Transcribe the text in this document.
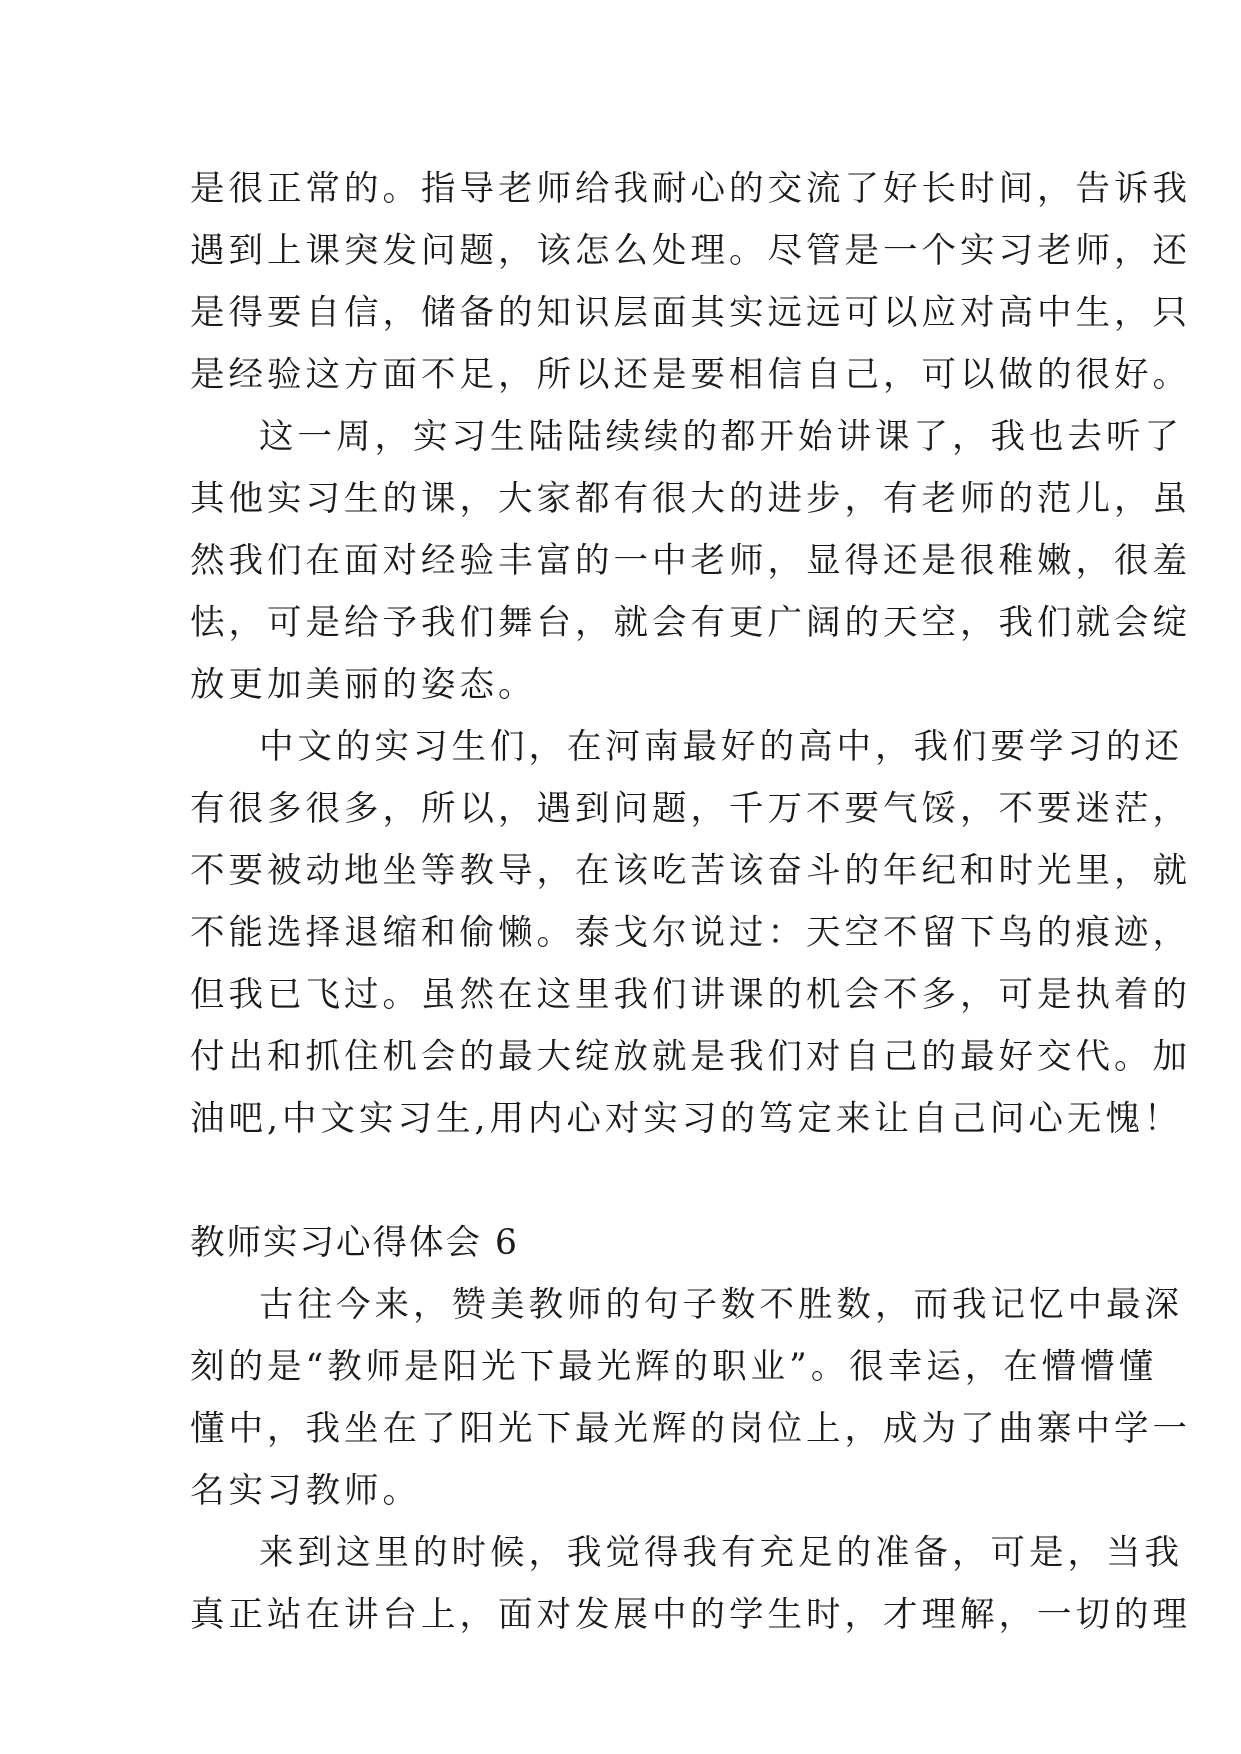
是很正常的。指导老师给我耐心的交流了好长时间，告诉我
遇到上课突发问题，该怎么处理。尽管是一个实习老师，还
是得要自信，储备的知识层面其实远远可以应对高中生，只
是经验这方面不足，所以还是要相信自己，可以做的很好。
这一周，实习生陆陆续续的都开始讲课了，我也去听了
其他实习生的课，大家都有很大的进步，有老师的范儿，虽
然我们在面对经验丰富的一中老师，显得还是很稚嫩，很羞
怯，可是给予我们舞台，就会有更广阔的天空，我们就会绽
放更加美丽的姿态。
中文的实习生们，在河南最好的高中，我们要学习的还
有很多很多，所以，遇到问题，千万不要气馁，不要迷茫，
不要被动地坐等教导，在该吃苦该奋斗的年纪和时光里，就
不能选择退缩和偷懒。泰戈尔说过：天空不留下鸟的痕迹，
但我已飞过。虽然在这里我们讲课的机会不多，可是执着的
付出和抓住机会的最大绽放就是我们对自己的最好交代。加
油吧,中文实习生,用内心对实习的笃定来让自己问心无愧！
教师实习心得体会 6
古往今来，赞美教师的句子数不胜数，而我记忆中最深
刻的是“教师是阳光下最光辉的职业”。很幸运，在懵懵懂
懂中，我坐在了阳光下最光辉的岗位上，成为了曲寨中学一
名实习教师。
来到这里的时候，我觉得我有充足的准备，可是，当我
真正站在讲台上，面对发展中的学生时，才理解，一切的理
